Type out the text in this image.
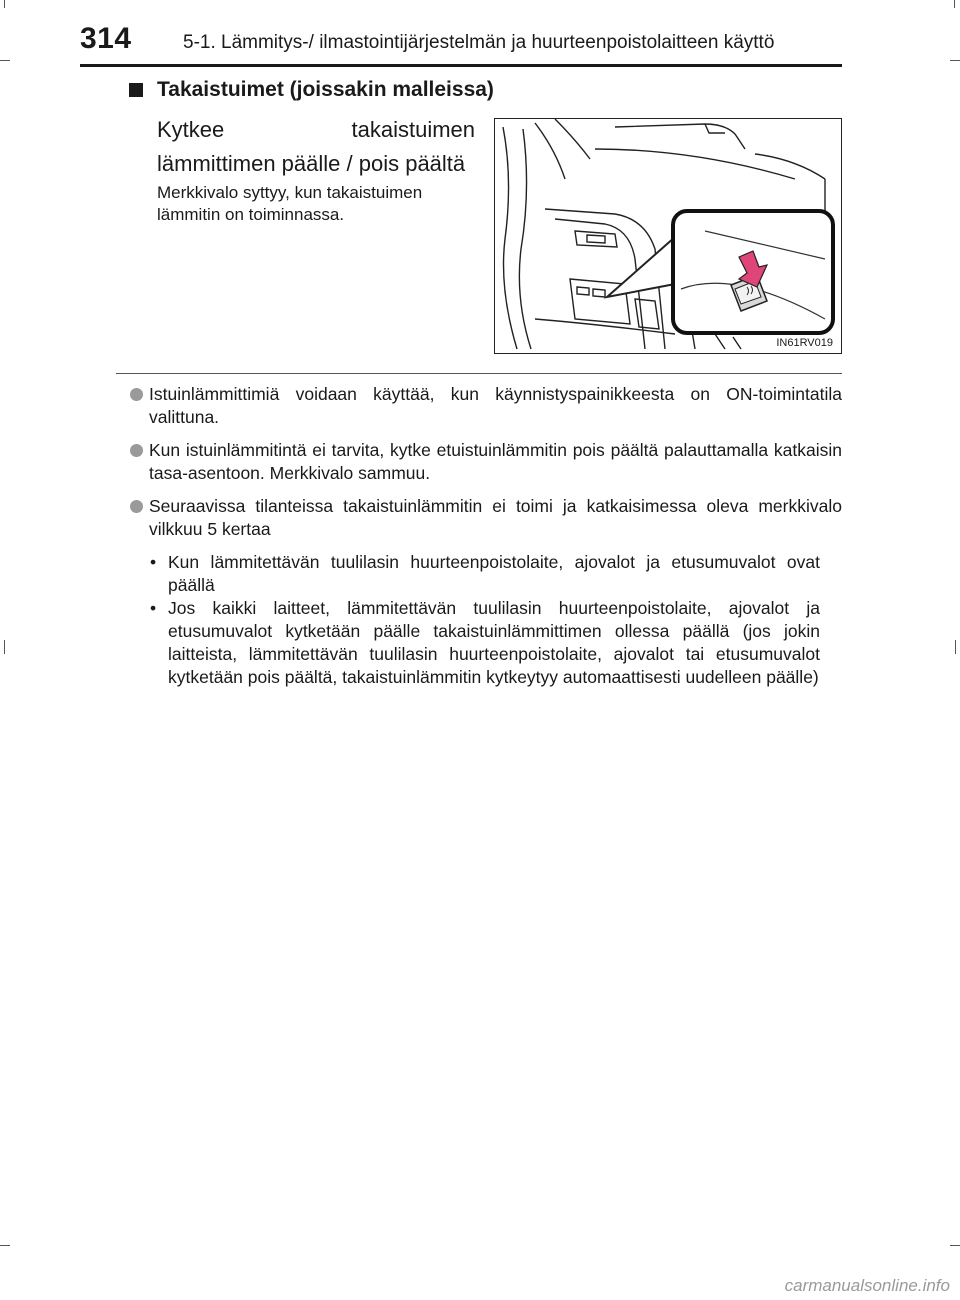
314	5-1. Lämmitys-/ ilmastointijärjestelmän ja huurteenpoistolaitteen käyttö
Takaistuimet (joissakin malleissa)
Kytkee takaistuimen lämmittimen päälle / pois päältä
Merkkivalo syttyy, kun takaistuimen lämmitin on toiminnassa.
IN61RV019
Istuinlämmittimiä voidaan käyttää, kun käynnistyspainikkeesta on ON-toimintatila valittuna.
Kun istuinlämmitintä ei tarvita, kytke etuistuinlämmitin pois päältä palauttamalla katkaisin tasa-asentoon. Merkkivalo sammuu.
Seuraavissa tilanteissa takaistuinlämmitin ei toimi ja katkaisimessa oleva merkkivalo vilkkuu 5 kertaa
• Kun lämmitettävän tuulilasin huurteenpoistolaite, ajovalot ja etusumuvalot ovat päällä
• Jos kaikki laitteet, lämmitettävän tuulilasin huurteenpoistolaite, ajovalot ja etusumuvalot kytketään päälle takaistuinlämmittimen ollessa päällä (jos jokin laitteista, lämmitettävän tuulilasin huurteenpoistolaite, ajovalot tai etusumuvalot kytketään pois päältä, takaistuinlämmitin kytkeytyy automaattisesti uudelleen päälle)
carmanualsonline.info
